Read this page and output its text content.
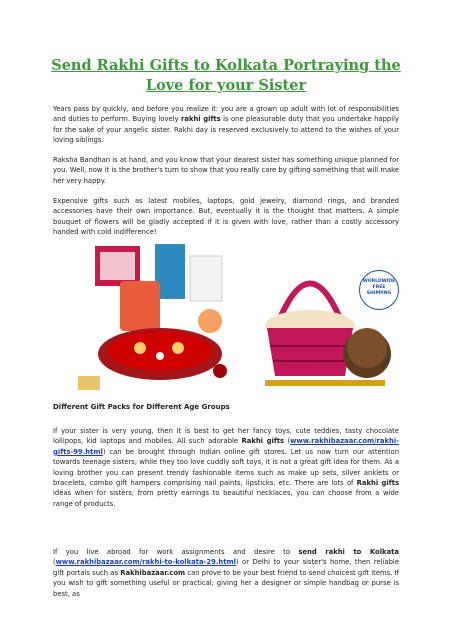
Send Rakhi Gifts to Kolkata Portraying the
Love for your Sister

Years pass by quickly, and before you realize it: you are a grown up adult with lot of responsibilities and duties to perform. Buying lovely rakhi gifts is one pleasurable duty that you undertake happily for the sake of your angelic sister. Rakhi day is reserved exclusively to attend to the wishes of your loving siblings.

Raksha Bandhan is at hand, and you know that your dearest sister has something unique planned for you. Well, now it is the brother's turn to show that you really care by gifting something that will make her very happy.

Expensive gifts such as latest mobiles, laptops, gold jewelry, diamond rings, and branded accessories have their own importance. But, eventually it is the thought that matters. A simple bouquet of flowers will be gladly accepted if it is given with love, rather than a costly accessory handed with cold indifference!

WORLDWIDE
FREE
SHIPPING
Different Gift Packs for Different Age Groups

If your sister is very young, then it is best to get her fancy toys, cute teddies, tasty chocolate lollipops, kid laptops and mobiles. All such adorable Rakhi gifts (www.rakhibazaar.com/rakhi-gifts-99.html) can be brought through Indian online gift stores. Let us now turn our attention towards teenage sisters; while they too love cuddly soft toys, it is not a great gift idea for them. As a loving brother you can present trendy fashionable items such as make up sets, silver anklets or bracelets, combo gift hampers comprising nail paints, lipsticks, etc. There are lots of Rakhi gifts ideas when for sisters; from pretty earrings to beautiful necklaces, you can choose from a wide range of products.

If you live abroad for work assignments and desire to send rakhi to Kolkata (www.rakhibazaar.com/rakhi-to-kolkata-29.html) or Delhi to your sister's home, then reliable gift portals such as Rakhibazaar.com can prove to be your best friend to send choicest gift items. If you wish to gift something useful or practical; giving her a designer or simple handbag or purse is best, as
